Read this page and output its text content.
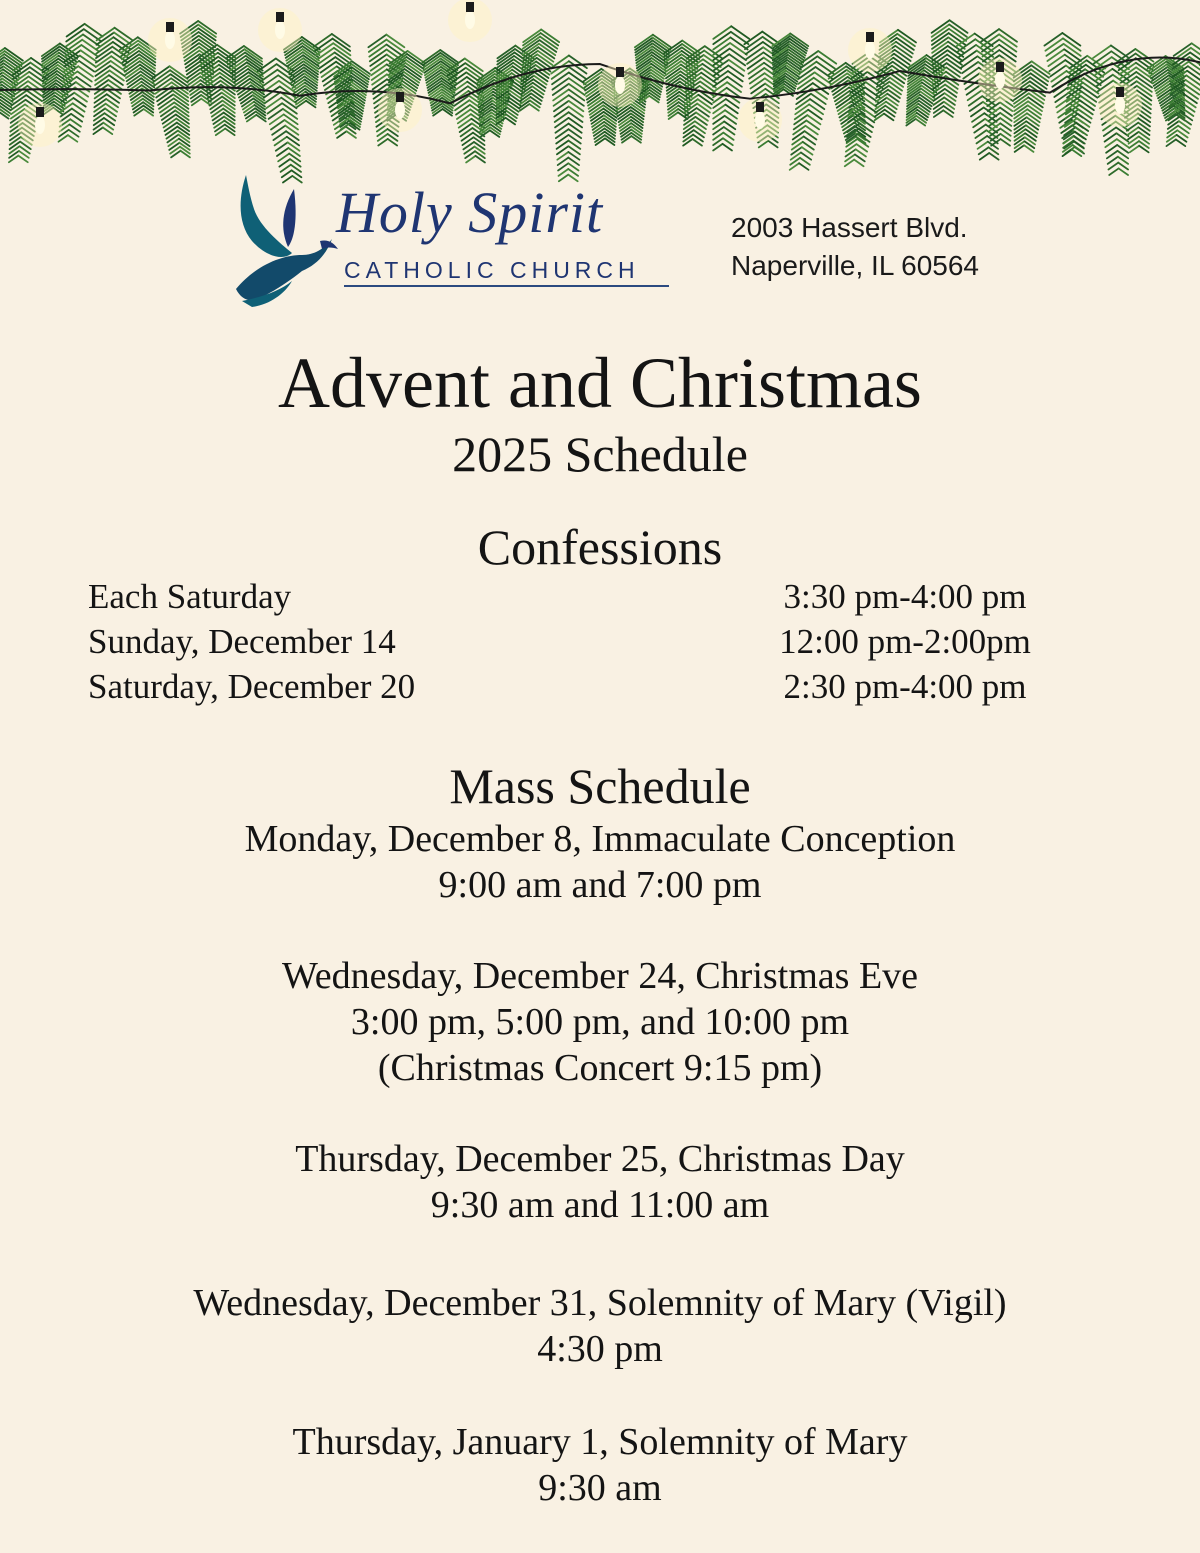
Holy Spirit
CATHOLIC CHURCH
2003 Hassert Blvd.
Naperville, IL 60564
Advent and Christmas
2025 Schedule
Confessions
Each Saturday	3:30 pm-4:00 pm
Sunday, December 14	12:00 pm-2:00pm
Saturday, December 20	2:30 pm-4:00 pm
Mass Schedule
Monday, December 8, Immaculate Conception
9:00 am and 7:00 pm
Wednesday, December 24, Christmas Eve
3:00 pm, 5:00 pm, and 10:00 pm
(Christmas Concert 9:15 pm)
Thursday, December 25, Christmas Day
9:30 am and 11:00 am
Wednesday, December 31, Solemnity of Mary (Vigil)
4:30 pm
Thursday, January 1, Solemnity of Mary
9:30 am
